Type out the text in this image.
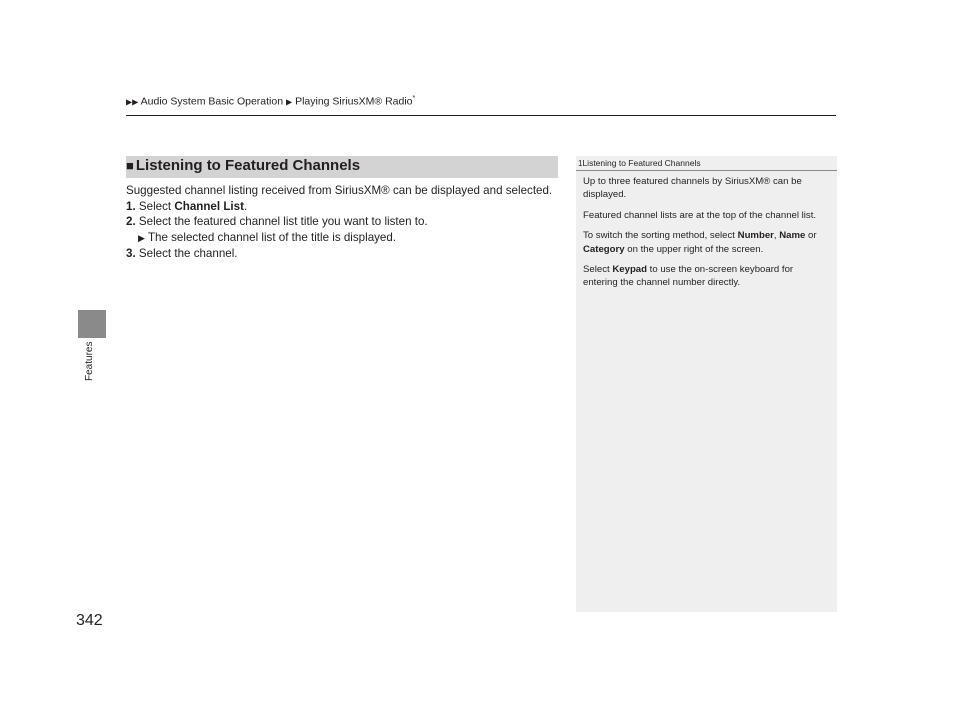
▶▶ Audio System Basic Operation ▶ Playing SiriusXM® Radio*
Features
342
■ Listening to Featured Channels

Suggested channel listing received from SiriusXM® can be displayed and selected.

1. Select Channel List.

2. Select the featured channel list title you want to listen to.

▶ The selected channel list of the title is displayed.

3. Select the channel.

1Listening to Featured Channels

Up to three featured channels by SiriusXM® can be displayed.

Featured channel lists are at the top of the channel list.

To switch the sorting method, select Number, Name or Category on the upper right of the screen.

Select Keypad to use the on-screen keyboard for entering the channel number directly.
